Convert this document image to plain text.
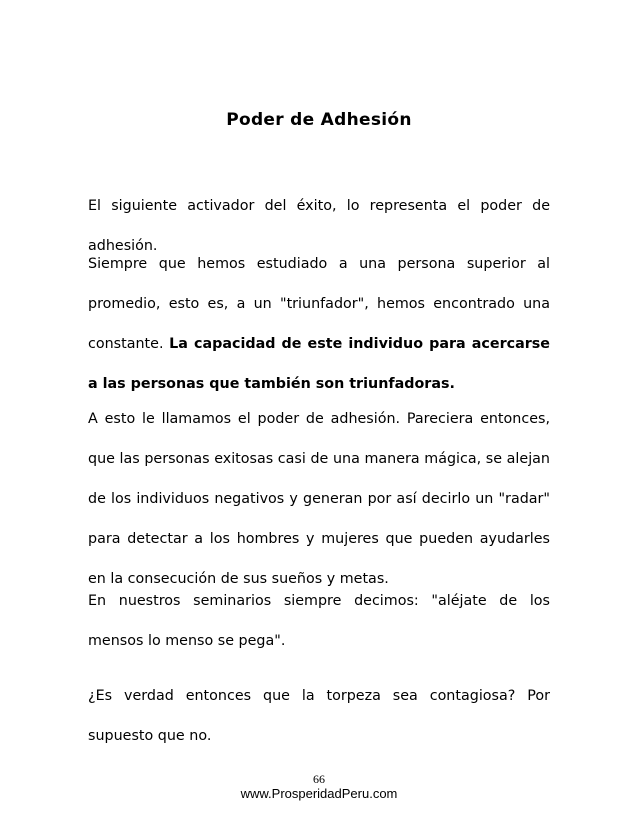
Poder de Adhesión
El siguiente activador del éxito, lo representa el poder de adhesión.
Siempre que hemos estudiado a una persona superior al promedio, esto es, a un "triunfador", hemos encontrado una constante. La capacidad de este individuo para acercarse a las personas que también son triunfadoras.
A esto le llamamos el poder de adhesión. Pareciera entonces, que las personas exitosas casi de una manera mágica, se alejan de los individuos negativos y generan por así decirlo un "radar" para detectar a los hombres y mujeres que pueden ayudarles en la consecución de sus sueños y metas.
En nuestros seminarios siempre decimos: "aléjate de los mensos lo menso se pega".
¿Es verdad entonces que la torpeza sea contagiosa? Por supuesto que no.
66
www.ProsperidadPeru.com
